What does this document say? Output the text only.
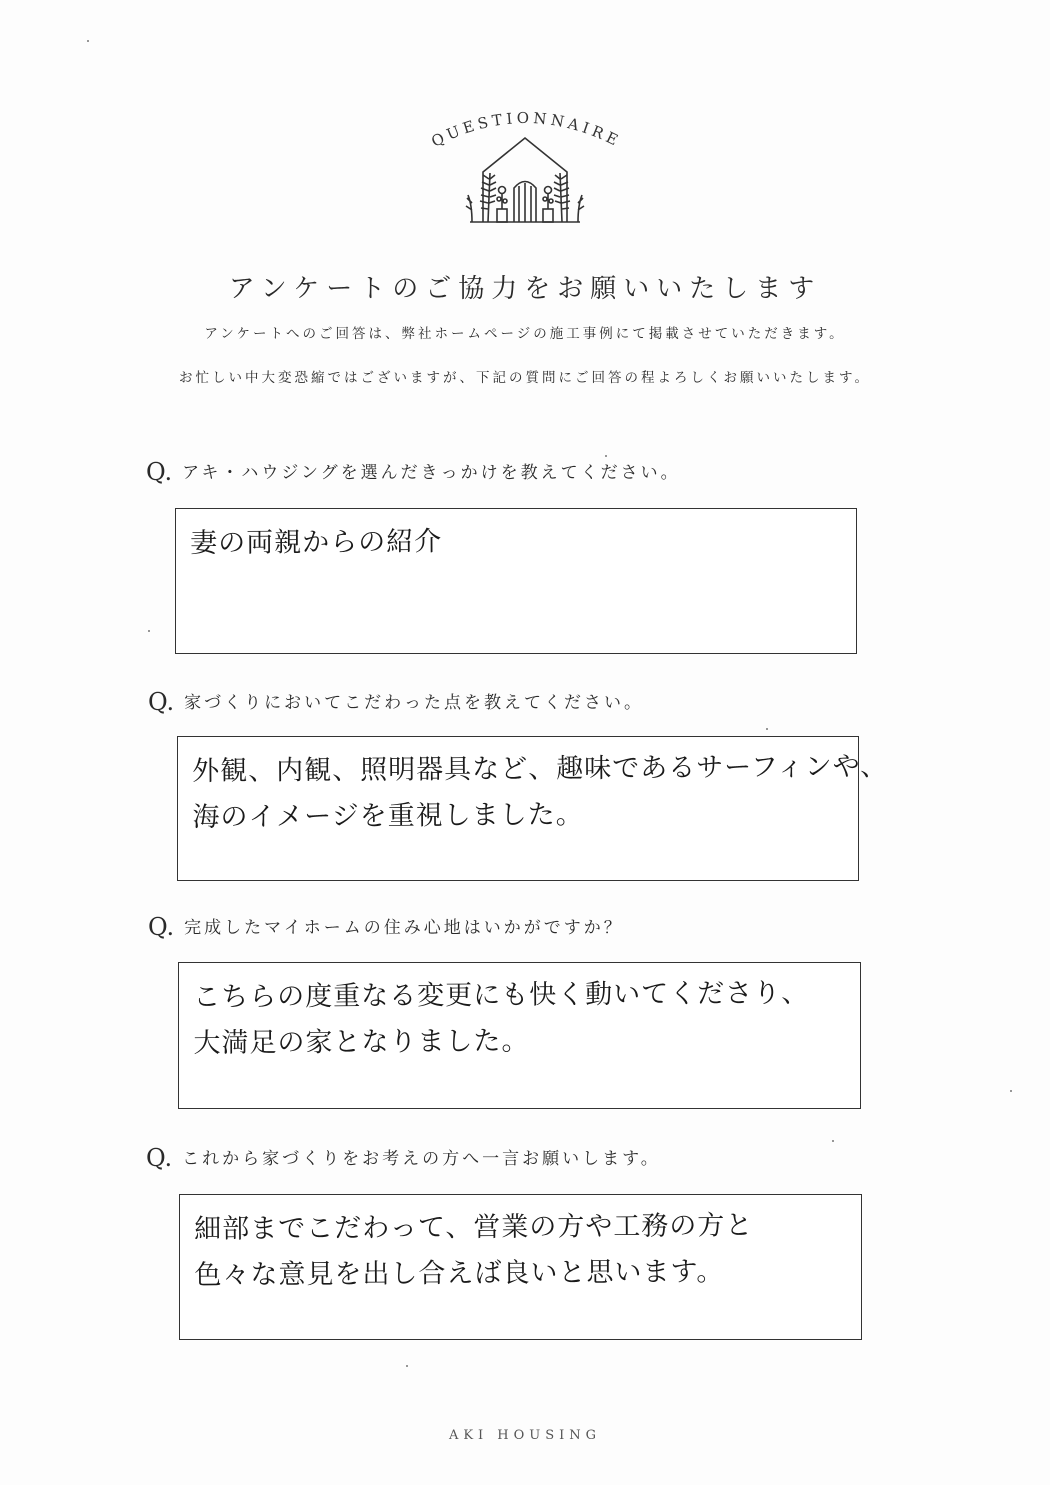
QUESTIONNAIRE
アンケートのご協力をお願いいたします
アンケートへのご回答は、弊社ホームページの施工事例にて掲載させていただきます。
お忙しい中大変恐縮ではございますが、下記の質問にご回答の程よろしくお願いいたします。
Q. アキ・ハウジングを選んだきっかけを教えてください。
妻の両親からの紹介
Q. 家づくりにおいてこだわった点を教えてください。
外観、内観、照明器具など、趣味であるサーフィンや、
海のイメージを重視しました。
Q. 完成したマイホームの住み心地はいかがですか？
こちらの度重なる変更にも快く動いてくださり、
大満足の家となりました。
Q. これから家づくりをお考えの方へ一言お願いします。
細部までこだわって、営業の方や工務の方と
色々な意見を出し合えば良いと思います。
AKI HOUSING
